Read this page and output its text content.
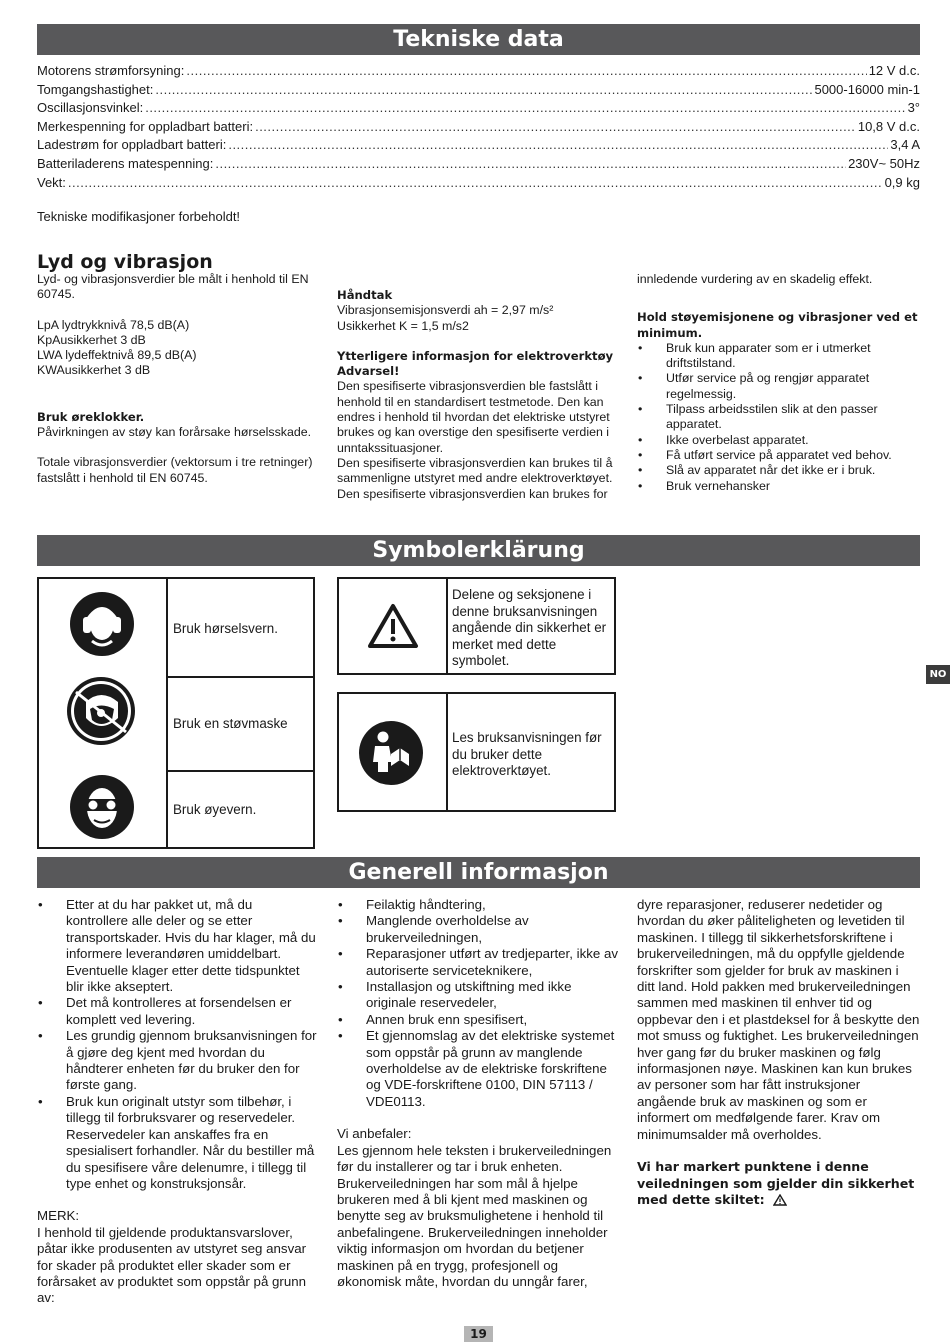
Tekniske data
Motorens strømforsyning: .....	12 V d.c.
Tomgangshastighet: .....	5000-16000 min-1
Oscillasjonsvinkel: .....	3°
Merkespenning for oppladbart batteri: .....	10,8 V d.c.
Ladestrøm for oppladbart batteri: .....	3,4 A
Batteriladerens matespenning: .....	230V~ 50Hz
Vekt: .....	0,9 kg
Tekniske modifikasjoner forbeholdt!
Lyd og vibrasjon

Lyd- og vibrasjonsverdier ble målt i henhold til EN 60745.

LpA lydtrykknivå 78,5 dB(A)

KpAusikkerhet 3 dB

LWA lydeffektnivå 89,5 dB(A)

KWAusikkerhet 3 dB

Bruk øreklokker.

Påvirkningen av støy kan forårsake hørselsskade.

Totale vibrasjonsverdier (vektorsum i tre retninger) fastslått i henhold til EN 60745.

Håndtak

Vibrasjonsemisjonsverdi ah = 2,97 m/s²

Usikkerhet K = 1,5 m/s2

Ytterligere informasjon for elektroverktøy

Advarsel!

Den spesifiserte vibrasjonsverdien ble fastslått i henhold til en standardisert testmetode. Den kan endres i henhold til hvordan det elektriske utstyret brukes og kan overstige den spesifiserte verdien i unntakssituasjoner.

Den spesifiserte vibrasjonsverdien kan brukes til å sammenligne utstyret med andre elektroverktøyet.

Den spesifiserte vibrasjonsverdien kan brukes for

innledende vurdering av en skadelig effekt.

Hold støyemisjonene og vibrasjoner ved et minimum.

• Bruk kun apparater som er i utmerket driftstilstand.
• Utfør service på og rengjør apparatet regelmessig.
• Tilpass arbeidsstilen slik at den passer apparatet.
• Ikke overbelast apparatet.
• Få utført service på apparatet ved behov.
• Slå av apparatet når det ikke er i bruk.
• Bruk vernehansker
Symbolerklärung
Bruk hørselsvern.
Bruk en støvmaske
Bruk øyevern.
Delene og seksjonene i denne bruksanvisningen angående din sikkerhet er merket med dette symbolet.
Les bruksanvisningen før du bruker dette elektroverktøyet.
NO
Generell informasjon
• Etter at du har pakket ut, må du kontrollere alle deler og se etter transportskader. Hvis du har klager, må du informere leverandøren umiddelbart. Eventuelle klager etter dette tidspunktet blir ikke akseptert.
• Det må kontrolleres at forsendelsen er komplett ved levering.
• Les grundig gjennom bruksanvisningen for å gjøre deg kjent med hvordan du håndterer enheten før du bruker den for første gang.
• Bruk kun originalt utstyr som tilbehør, i tillegg til forbruksvarer og reservedeler. Reservedeler kan anskaffes fra en spesialisert forhandler. Når du bestiller må du spesifisere våre delenumre, i tillegg til type enhet og konstruksjonsår.

MERK:

I henhold til gjeldende produktansvarslover, påtar ikke produsenten av utstyret seg ansvar for skader på produktet eller skader som er forårsaket av produktet som oppstår på grunn av:

• Feilaktig håndtering,
• Manglende overholdelse av brukerveiledningen,
• Reparasjoner utført av tredjeparter, ikke av autoriserte serviceteknikere,
• Installasjon og utskiftning med ikke originale reservedeler,
• Annen bruk enn spesifisert,
• Et gjennomslag av det elektriske systemet som oppstår på grunn av manglende overholdelse av de elektriske forskriftene og VDE-forskriftene 0100, DIN 57113 / VDE0113.

Vi anbefaler:

Les gjennom hele teksten i brukerveiledningen før du installerer og tar i bruk enheten. Brukerveiledningen har som mål å hjelpe brukeren med å bli kjent med maskinen og benytte seg av bruksmulighetene i henhold til anbefalingene. Brukerveiledningen inneholder viktig informasjon om hvordan du betjener maskinen på en trygg, profesjonell og økonomisk måte, hvordan du unngår farer,

dyre reparasjoner, reduserer nedetider og hvordan du øker påliteligheten og levetiden til maskinen. I tillegg til sikkerhetsforskriftene i brukerveiledningen, må du oppfylle gjeldende forskrifter som gjelder for bruk av maskinen i ditt land. Hold pakken med brukerveiledningen sammen med maskinen til enhver tid og oppbevar den i et plastdeksel for å beskytte den mot smuss og fuktighet. Les brukerveiledningen hver gang før du bruker maskinen og følg informasjonen nøye. Maskinen kan kun brukes av personer som har fått instruksjoner angående bruk av maskinen og som er informert om medfølgende farer. Krav om minimumsalder må overholdes.

Vi har markert punktene i denne veiledningen som gjelder din sikkerhet med dette skiltet:

19
